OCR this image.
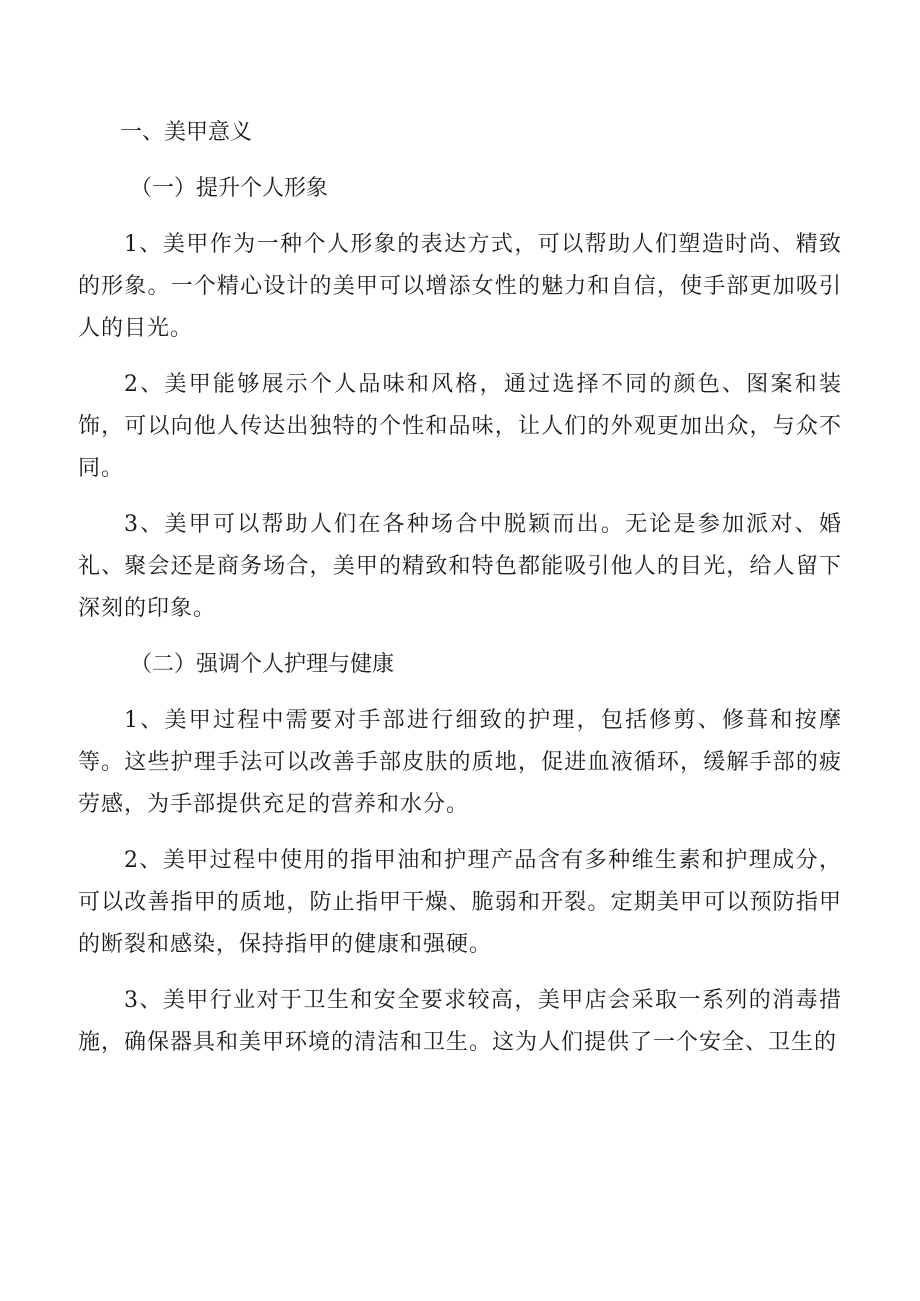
一、美甲意义
（一）提升个人形象

1、美甲作为一种个人形象的表达方式，可以帮助人们塑造时尚、精致的形象。一个精心设计的美甲可以增添女性的魅力和自信，使手部更加吸引人的目光。

2、美甲能够展示个人品味和风格，通过选择不同的颜色、图案和装饰，可以向他人传达出独特的个性和品味，让人们的外观更加出众，与众不同。

3、美甲可以帮助人们在各种场合中脱颖而出。无论是参加派对、婚礼、聚会还是商务场合，美甲的精致和特色都能吸引他人的目光，给人留下深刻的印象。

（二）强调个人护理与健康

1、美甲过程中需要对手部进行细致的护理，包括修剪、修葺和按摩等。这些护理手法可以改善手部皮肤的质地，促进血液循环，缓解手部的疲劳感，为手部提供充足的营养和水分。

2、美甲过程中使用的指甲油和护理产品含有多种维生素和护理成分，可以改善指甲的质地，防止指甲干燥、脆弱和开裂。定期美甲可以预防指甲的断裂和感染，保持指甲的健康和强硬。

3、美甲行业对于卫生和安全要求较高，美甲店会采取一系列的消毒措施，确保器具和美甲环境的清洁和卫生。这为人们提供了一个安全、卫生的
